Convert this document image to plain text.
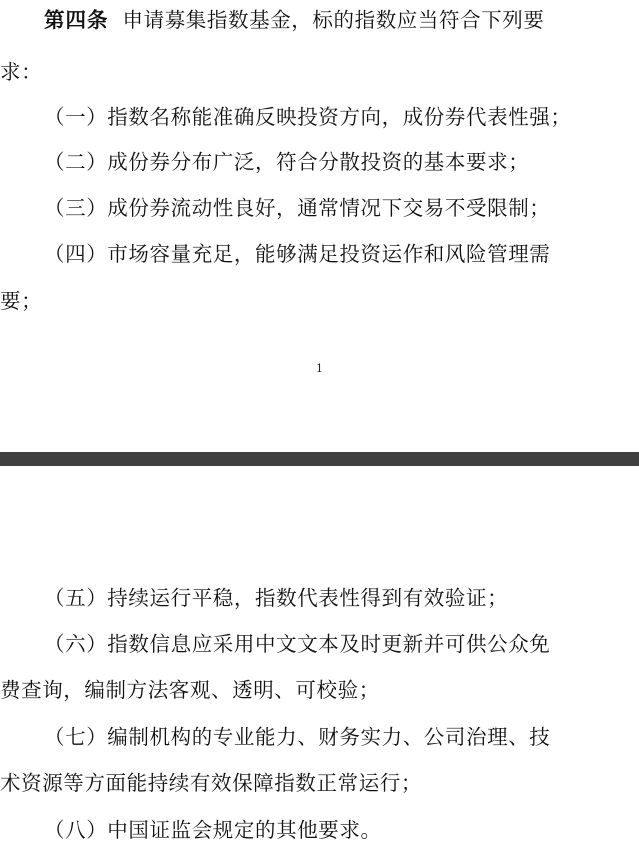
第四条 申请募集指数基金，标的指数应当符合下列要
求：
（一）指数名称能准确反映投资方向，成份券代表性强；
（二）成份券分布广泛，符合分散投资的基本要求；
（三）成份券流动性良好，通常情况下交易不受限制；
（四）市场容量充足，能够满足投资运作和风险管理需
要；
1
（五）持续运行平稳，指数代表性得到有效验证；
（六）指数信息应采用中文文本及时更新并可供公众免
费查询，编制方法客观、透明、可校验；
（七）编制机构的专业能力、财务实力、公司治理、技
术资源等方面能持续有效保障指数正常运行；
（八）中国证监会规定的其他要求。
